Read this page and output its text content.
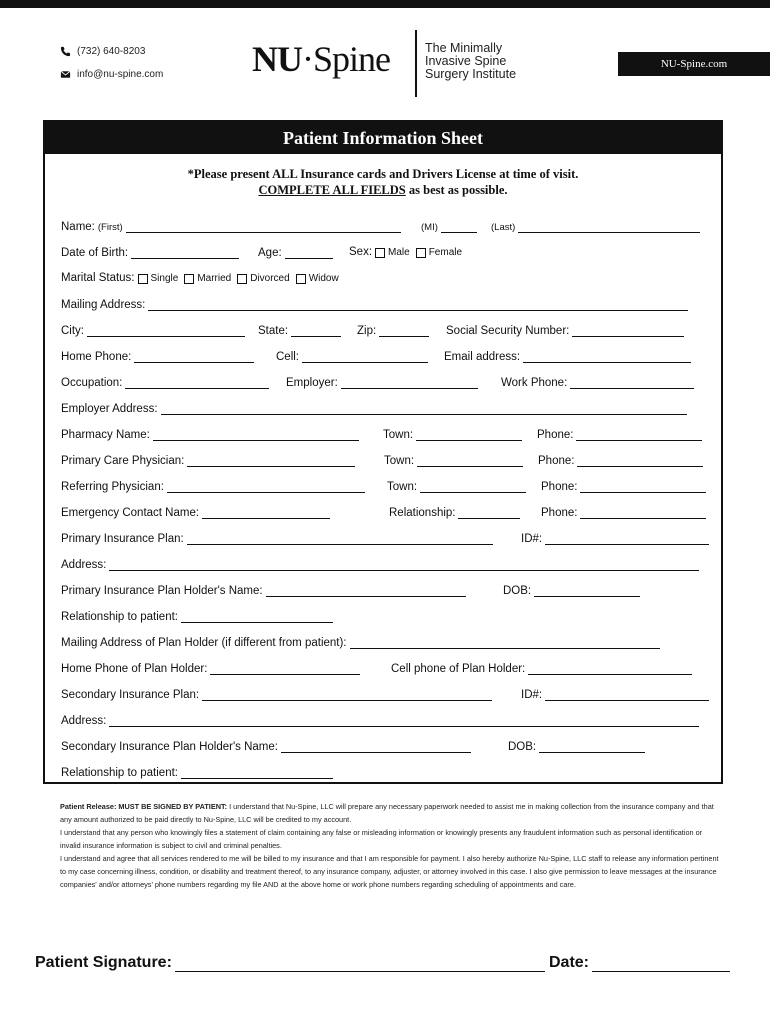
(732) 640-8203
info@nu-spine.com NU·Spine	The Minimally
Invasive Spine
Surgery Institute
NU-Spine.com
Patient Information Sheet
*Please present ALL Insurance cards and Drivers License at time of visit.
COMPLETE ALL FIELDS as best as possible.
Name: (First)	(MI)	(Last)
Date of Birth:	Age:	Sex: Male Female
Marital Status: Single Married Divorced Widow
Mailing Address:
City:	State:	Zip:	Social Security Number:
Home Phone:	Cell:	Email address:
Occupation:	Employer:	Work Phone:
Employer Address:
Pharmacy Name:	Town:	Phone:
Primary Care Physician:	Town:	Phone:
Referring Physician:	Town:	Phone:
Emergency Contact Name:	Relationship:	Phone:
Primary Insurance Plan:	ID#:
Address:
Primary Insurance Plan Holder's Name:	DOB:
Relationship to patient:
Mailing Address of Plan Holder (if different from patient):
Home Phone of Plan Holder:	Cell phone of Plan Holder:
Secondary Insurance Plan:	ID#:
Address:
Secondary Insurance Plan Holder's Name:	DOB:
Relationship to patient:
Patient Release: MUST BE SIGNED BY PATIENT: I understand that Nu-Spine, LLC will prepare any necessary paperwork needed to assist me in making collection from the insurance company and that any amount authorized to be paid directly to Nu-Spine, LLC will be credited to my account.
I understand that any person who knowingly files a statement of claim containing any false or misleading information or knowingly presents any fraudulent information such as personal identification or invalid insurance information is subject to civil and criminal penalties.
I understand and agree that all services rendered to me will be billed to my insurance and that I am responsible for payment. I also hereby authorize Nu-Spine, LLC staff to release any information pertinent to my case concerning illness, condition, or disability and treatment thereof, to any insurance company, adjuster, or attorney involved in this case. I also give permission to leave messages at the insurance companies' and/or attorneys' phone numbers regarding my file AND at the above home or work phone numbers regarding scheduling of appointments and care.
Patient Signature:	Date:
